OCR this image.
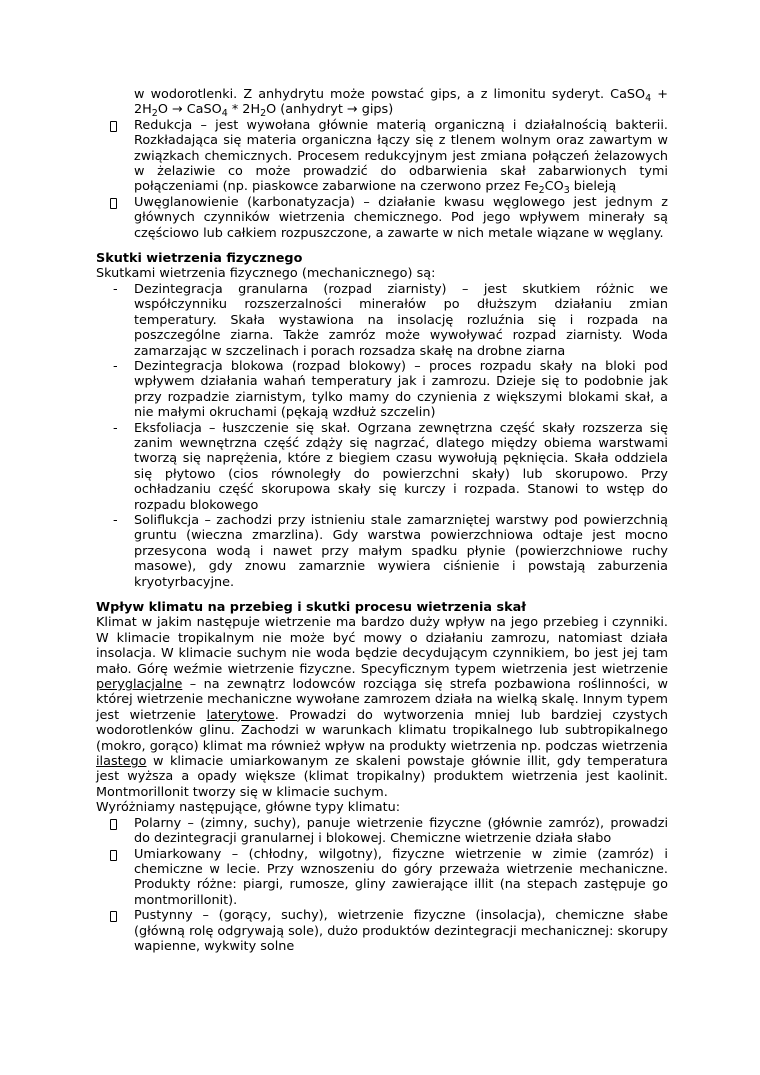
w wodorotlenki. Z anhydrytu może powstać gips, a z limonitu syderyt. CaSO4 + 2H2O → CaSO4 * 2H2O (anhydryt → gips)
Redukcja – jest wywołana głównie materią organiczną i działalnością bakterii. Rozkładająca się materia organiczna łączy się z tlenem wolnym oraz zawartym w związkach chemicznych. Procesem redukcyjnym jest zmiana połączeń żelazowych w żelaziwie co może prowadzić do odbarwienia skał zabarwionych tymi połączeniami (np. piaskowce zabarwione na czerwono przez Fe2CO3 bieleją
Uwęglanowienie (karbonatyzacja) – działanie kwasu węglowego jest jednym z głównych czynników wietrzenia chemicznego. Pod jego wpływem minerały są częściowo lub całkiem rozpuszczone, a zawarte w nich metale wiązane w węglany.
Skutki wietrzenia fizycznego
Skutkami wietrzenia fizycznego (mechanicznego) są:
-	Dezintegracja granularna (rozpad ziarnisty) – jest skutkiem różnic we współczynniku rozszerzalności minerałów po dłuższym działaniu zmian temperatury. Skała wystawiona na insolację rozluźnia się i rozpada na poszczególne ziarna. Także zamróz może wywoływać rozpad ziarnisty. Woda zamarzając w szczelinach i porach rozsadza skałę na drobne ziarna
-	Dezintegracja blokowa (rozpad blokowy) – proces rozpadu skały na bloki pod wpływem działania wahań temperatury jak i zamrozu. Dzieje się to podobnie jak przy rozpadzie ziarnistym, tylko mamy do czynienia z większymi blokami skał, a nie małymi okruchami (pękają wzdłuż szczelin)
-	Eksfoliacja – łuszczenie się skał. Ogrzana zewnętrzna część skały rozszerza się zanim wewnętrzna część zdąży się nagrzać, dlatego między obiema warstwami tworzą się naprężenia, które z biegiem czasu wywołują pęknięcia. Skała oddziela się płytowo (cios równoległy do powierzchni skały) lub skorupowo. Przy ochładzaniu część skorupowa skały się kurczy i rozpada. Stanowi to wstęp do rozpadu blokowego
-	Soliflukcja – zachodzi przy istnieniu stale zamarzniętej warstwy pod powierzchnią gruntu (wieczna zmarzlina). Gdy warstwa powierzchniowa odtaje jest mocno przesycona wodą i nawet przy małym spadku płynie (powierzchniowe ruchy masowe), gdy znowu zamarznie wywiera ciśnienie i powstają zaburzenia kryotyrbacyjne.
Wpływ klimatu na przebieg i skutki procesu wietrzenia skał
Klimat w jakim następuje wietrzenie ma bardzo duży wpływ na jego przebieg i czynniki. W klimacie tropikalnym nie może być mowy o działaniu zamrozu, natomiast działa insolacja. W klimacie suchym nie woda będzie decydującym czynnikiem, bo jest jej tam mało. Górę weźmie wietrzenie fizyczne. Specyficznym typem wietrzenia jest wietrzenie peryglacjalne – na zewnątrz lodowców rozciąga się strefa pozbawiona roślinności, w której wietrzenie mechaniczne wywołane zamrozem działa na wielką skalę. Innym typem jest wietrzenie laterytowe. Prowadzi do wytworzenia mniej lub bardziej czystych wodorotlenków glinu. Zachodzi w warunkach klimatu tropikalnego lub subtropikalnego (mokro, gorąco) klimat ma również wpływ na produkty wietrzenia np. podczas wietrzenia ilastego w klimacie umiarkowanym ze skaleni powstaje głównie illit, gdy temperatura jest wyższa a opady większe (klimat tropikalny) produktem wietrzenia jest kaolinit. Montmorillonit tworzy się w klimacie suchym.
Wyróżniamy następujące, główne typy klimatu:
Polarny – (zimny, suchy), panuje wietrzenie fizyczne (głównie zamróz), prowadzi do dezintegracji granularnej i blokowej. Chemiczne wietrzenie działa słabo
Umiarkowany – (chłodny, wilgotny), fizyczne wietrzenie w zimie (zamróz) i chemiczne w lecie. Przy wznoszeniu do góry przeważa wietrzenie mechaniczne. Produkty różne: piargi, rumosze, gliny zawierające illit (na stepach zastępuje go montmorillonit).
Pustynny – (gorący, suchy), wietrzenie fizyczne (insolacja), chemiczne słabe (główną rolę odgrywają sole), dużo produktów dezintegracji mechanicznej: skorupy wapienne, wykwity solne
